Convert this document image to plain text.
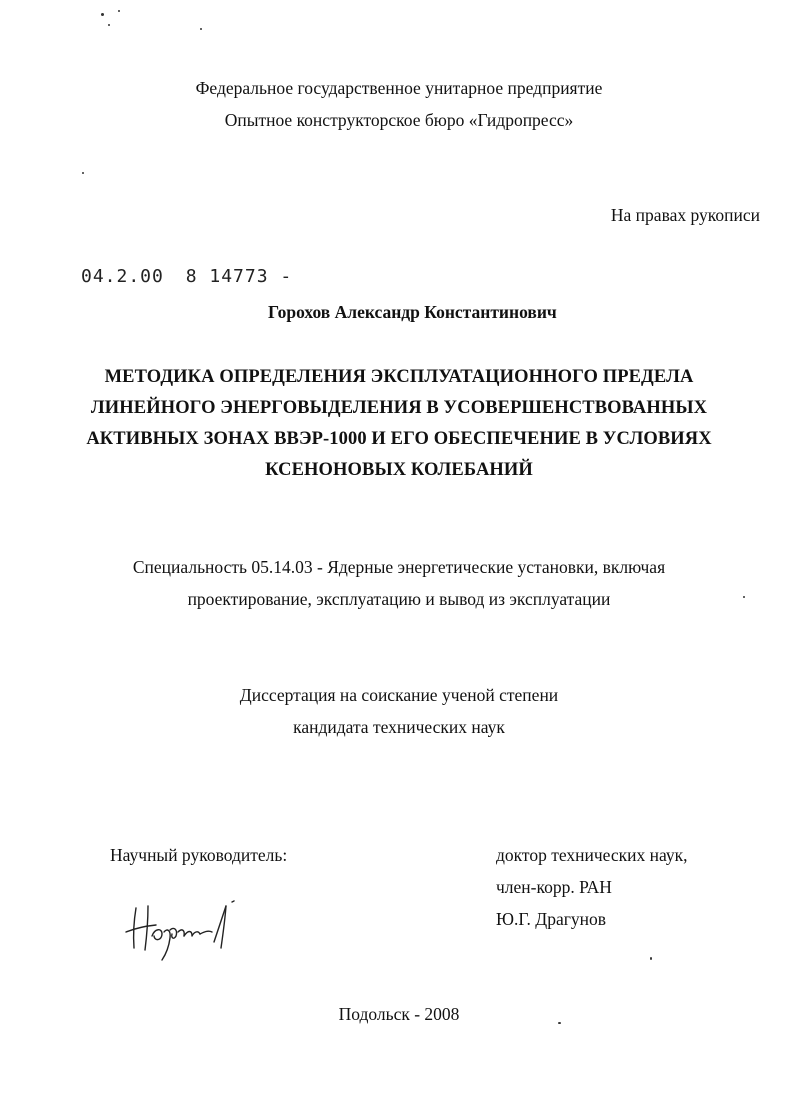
Федеральное государственное унитарное предприятие
Опытное конструкторское бюро «Гидропресс»
На правах рукописи
04.2.00 8 14773 -
Горохов Александр Константинович
МЕТОДИКА ОПРЕДЕЛЕНИЯ ЭКСПЛУАТАЦИОННОГО ПРЕДЕЛА
ЛИНЕЙНОГО ЭНЕРГОВЫДЕЛЕНИЯ В УСОВЕРШЕНСТВОВАННЫХ
АКТИВНЫХ ЗОНАХ ВВЭР-1000 И ЕГО ОБЕСПЕЧЕНИЕ В УСЛОВИЯХ
КСЕНОНОВЫХ КОЛЕБАНИЙ
Специальность 05.14.03 - Ядерные энергетические установки, включая
проектирование, эксплуатацию и вывод из эксплуатации
Диссертация на соискание ученой степени
кандидата технических наук
Научный руководитель:	доктор технических наук,
член-корр. РАН
Ю.Г. Драгунов
Подольск - 2008
